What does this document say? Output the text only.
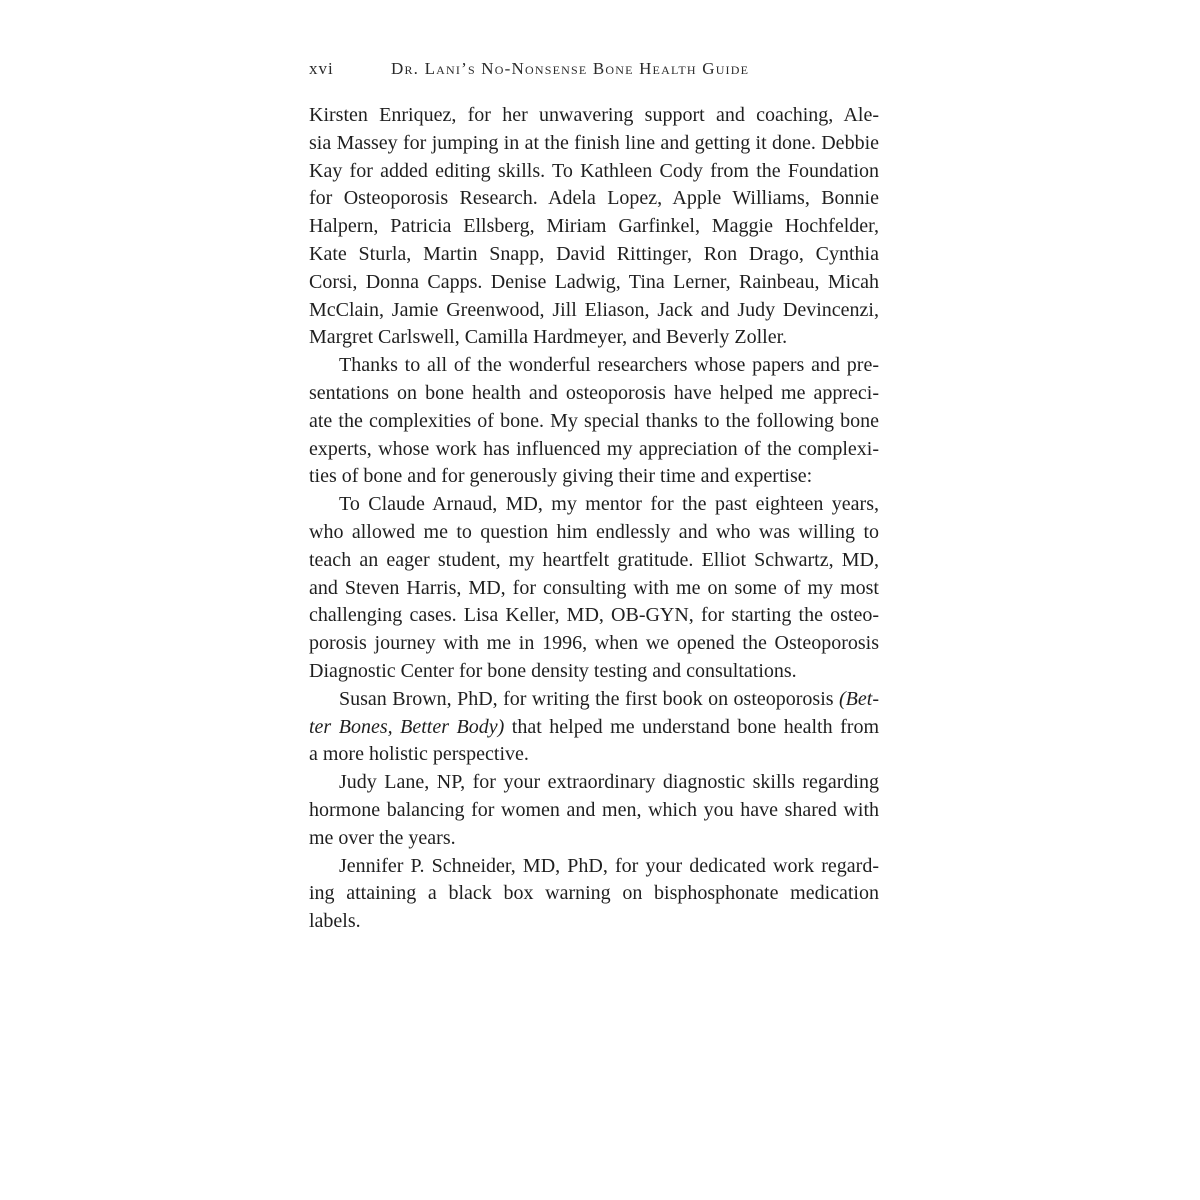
xvi	Dr. Lani’s No-Nonsense Bone Health Guide

Kirsten Enriquez, for her unwavering support and coaching, Ale-
sia Massey for jumping in at the finish line and getting it done. Debbie
Kay for added editing skills. To Kathleen Cody from the Foundation
for Osteoporosis Research. Adela Lopez, Apple Williams, Bonnie
Halpern, Patricia Ellsberg, Miriam Garfinkel, Maggie Hochfelder,
Kate Sturla, Martin Snapp, David Rittinger, Ron Drago, Cynthia
Corsi, Donna Capps. Denise Ladwig, Tina Lerner, Rainbeau, Micah
McClain, Jamie Greenwood, Jill Eliason, Jack and Judy Devincenzi,
Margret Carlswell, Camilla Hardmeyer, and Beverly Zoller.

Thanks to all of the wonderful researchers whose papers and pre-
sentations on bone health and osteoporosis have helped me appreci-
ate the complexities of bone. My special thanks to the following bone
experts, whose work has influenced my appreciation of the complexi-
ties of bone and for generously giving their time and expertise:

To Claude Arnaud, MD, my mentor for the past eighteen years,
who allowed me to question him endlessly and who was willing to
teach an eager student, my heartfelt gratitude. Elliot Schwartz, MD,
and Steven Harris, MD, for consulting with me on some of my most
challenging cases. Lisa Keller, MD, OB-GYN, for starting the osteo-
porosis journey with me in 1996, when we opened the Osteoporosis
Diagnostic Center for bone density testing and consultations.

Susan Brown, PhD, for writing the first book on osteoporosis (Bet-
ter Bones, Better Body) that helped me understand bone health from
a more holistic perspective.

Judy Lane, NP, for your extraordinary diagnostic skills regarding
hormone balancing for women and men, which you have shared with
me over the years.

Jennifer P. Schneider, MD, PhD, for your dedicated work regard-
ing attaining a black box warning on bisphosphonate medication
labels.
